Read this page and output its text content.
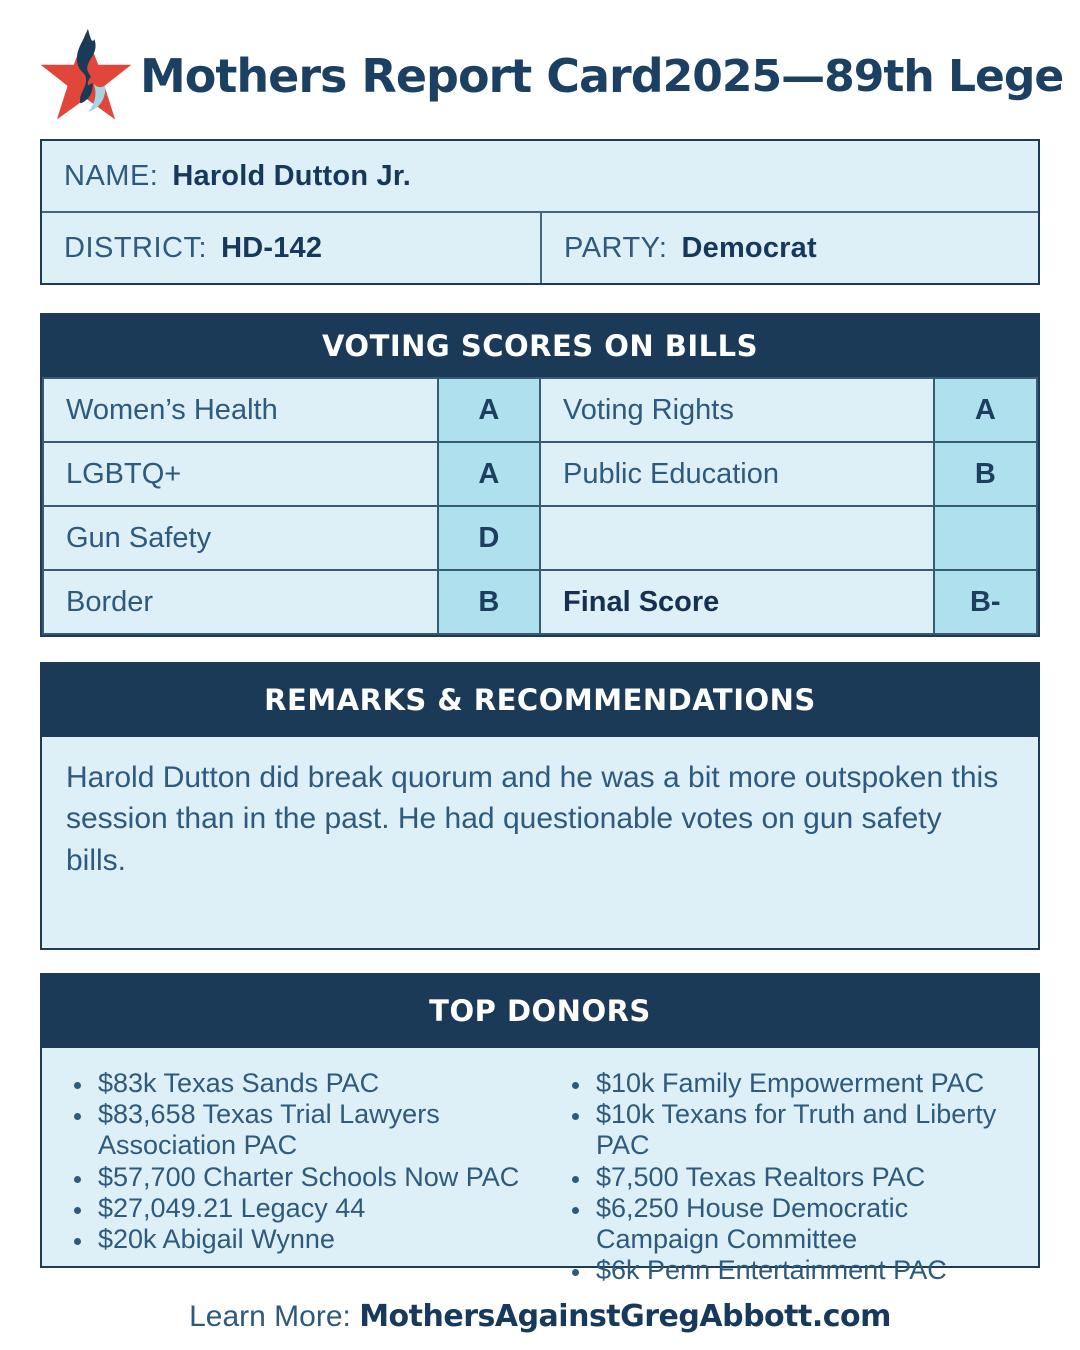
Mothers Report Card 2025—89th Lege
NAME: Harold Dutton Jr.
DISTRICT: HD-142	PARTY: Democrat
VOTING SCORES ON BILLS
Women’s Health	A	Voting Rights	A
LGBTQ+	A	Public Education	B
Gun Safety	D		
Border	B	Final Score	B-
REMARKS & RECOMMENDATIONS
Harold Dutton did break quorum and he was a bit more outspoken this session than in the past. He had questionable votes on gun safety bills.
TOP DONORS
• $83k Texas Sands PAC
• $83,658 Texas Trial Lawyers Association PAC
• $57,700 Charter Schools Now PAC
• $27,049.21 Legacy 44
• $20k Abigail Wynne
• $10k Family Empowerment PAC
• $10k Texans for Truth and Liberty PAC
• $7,500 Texas Realtors PAC
• $6,250 House Democratic Campaign Committee
• $6k Penn Entertainment PAC
Learn More: MothersAgainstGregAbbott.com
